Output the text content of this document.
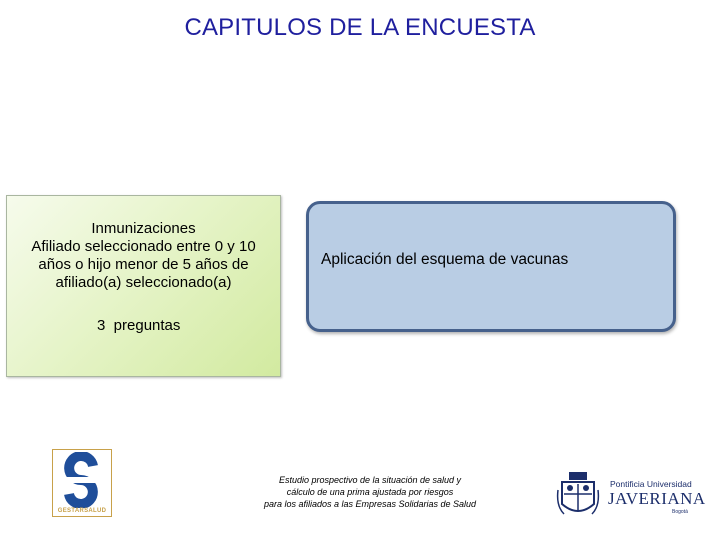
CAPITULOS DE LA ENCUESTA
Inmunizaciones
Afiliado seleccionado entre 0 y 10
años o hijo menor de 5 años de
afiliado(a) seleccionado(a)
3  preguntas
Aplicación del esquema de vacunas
GESTARSALUD
Estudio prospectivo de la situación de salud y
cálculo de una prima ajustada por riesgos
para los afiliados a las Empresas Solidarias de Salud
Pontificia Universidad
JAVERIANA
Bogotá
